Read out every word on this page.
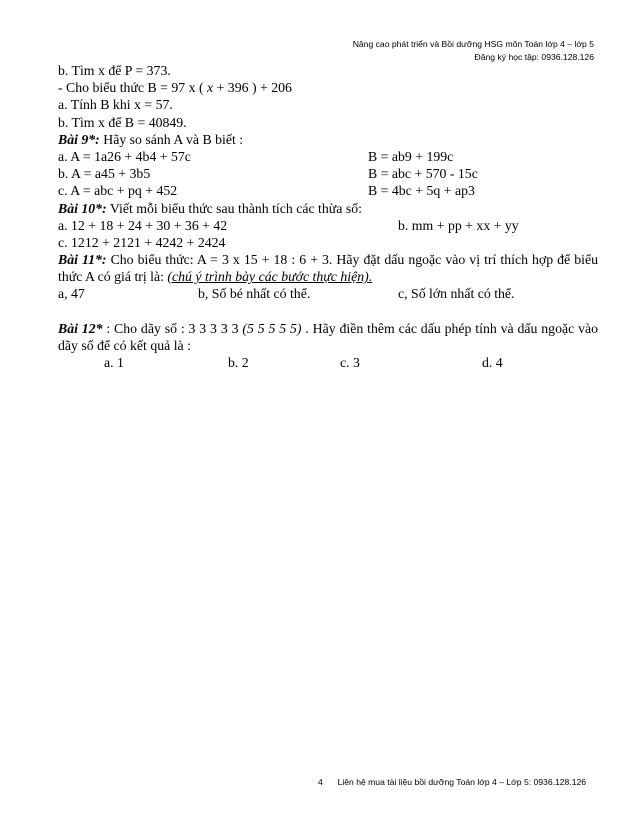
Nâng cao phát triển và Bồi dưỡng HSG môn Toán lớp 4 – lớp 5
Đăng ký học tập: 0936.128.126
b. Tìm x để P = 373.
- Cho biểu thức B = 97 x ( x + 396 ) + 206
a. Tính B khi x = 57.
b. Tìm x để B = 40849.
Bài 9*: Hãy so sánh A và B biết :
a. A = 1a26 + 4b4 + 57c	B = ab9 + 199c
b. A = a45 + 3b5	B = abc + 570 - 15c
c. A = abc + pq + 452	B = 4bc + 5q + ap3
Bài 10*: Viết mỗi biểu thức sau thành tích các thừa số:
a. 12 + 18 + 24 + 30 + 36 + 42	b. mm + pp + xx + yy
c. 1212 + 2121 + 4242 + 2424
Bài 11*: Cho biểu thức: A = 3 x 15 + 18 : 6 + 3. Hãy đặt dấu ngoặc vào vị trí thích hợp để biểu thức A có giá trị là: (chú ý trình bày các bước thực hiện).
a, 47	b, Số bé nhất có thể.	c, Số lớn nhất có thể.
Bài 12* : Cho dãy số : 3 3 3 3 3 (5 5 5 5 5) . Hãy điền thêm các dấu phép tính và dấu ngoặc vào dãy số để có kết quả là :
a. 1	b. 2	c. 3	d. 4
4 Liên hệ mua tài liệu bồi dưỡng Toán lớp 4 – Lớp 5: 0936.128.126
